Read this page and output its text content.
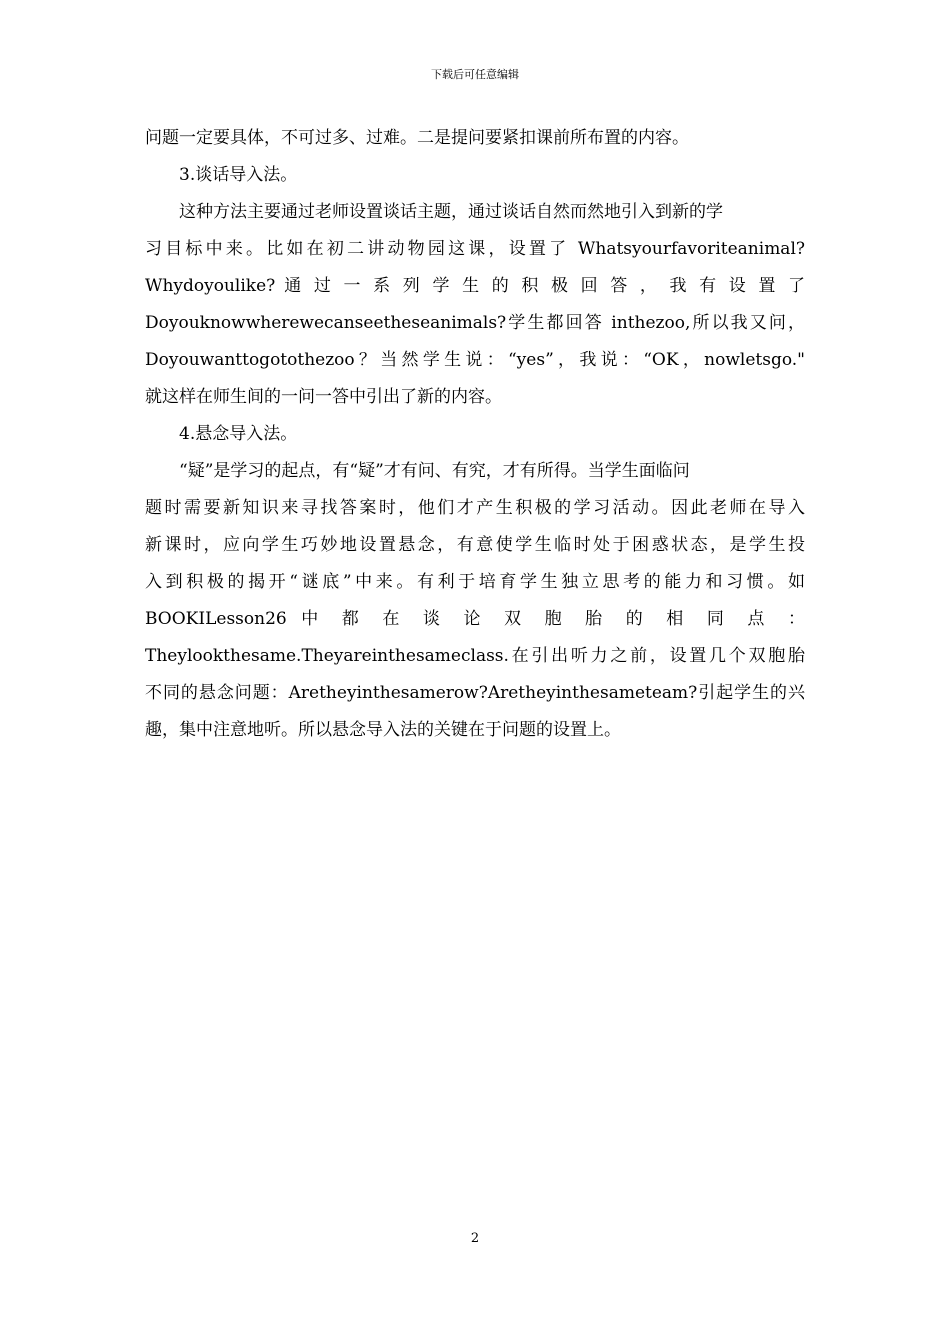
下载后可任意编辑

问题一定要具体，不可过多、过难。二是提问要紧扣课前所布置的内容。

3.谈话导入法。

这种方法主要通过老师设置谈话主题，通过谈话自然而然地引入到新的学
习目标中来。比如在初二讲动物园这课，设置了 Whatsyourfavoriteanimal?
Whydoyoulike? 通 过 一 系 列 学 生 的 积 极 回 答 ， 我 有 设 置 了
Doyouknowwherewecanseetheseanimals?学生都回答 inthezoo,所以我又问，
Doyouwanttogotothezoo？当然学生说：“yes”，我说：“OK，nowletsgo."
就这样在师生间的一问一答中引出了新的内容。

4.悬念导入法。

“疑”是学习的起点，有“疑”才有问、有究，才有所得。当学生面临问
题时需要新知识来寻找答案时，他们才产生积极的学习活动。因此老师在导入
新课时，应向学生巧妙地设置悬念，有意使学生临时处于困惑状态，是学生投
入到积极的揭开“谜底”中来。有利于培育学生独立思考的能力和习惯。如
BOOKILesson26 中 都 在 谈 论 双 胞 胎 的 相 同 点 ：
Theylookthesame.Theyareinthesameclass.在引出听力之前，设置几个双胞胎
不同的悬念问题：Aretheyinthesamerow?Aretheyinthesameteam?引起学生的兴
趣，集中注意地听。所以悬念导入法的关键在于问题的设置上。
2
